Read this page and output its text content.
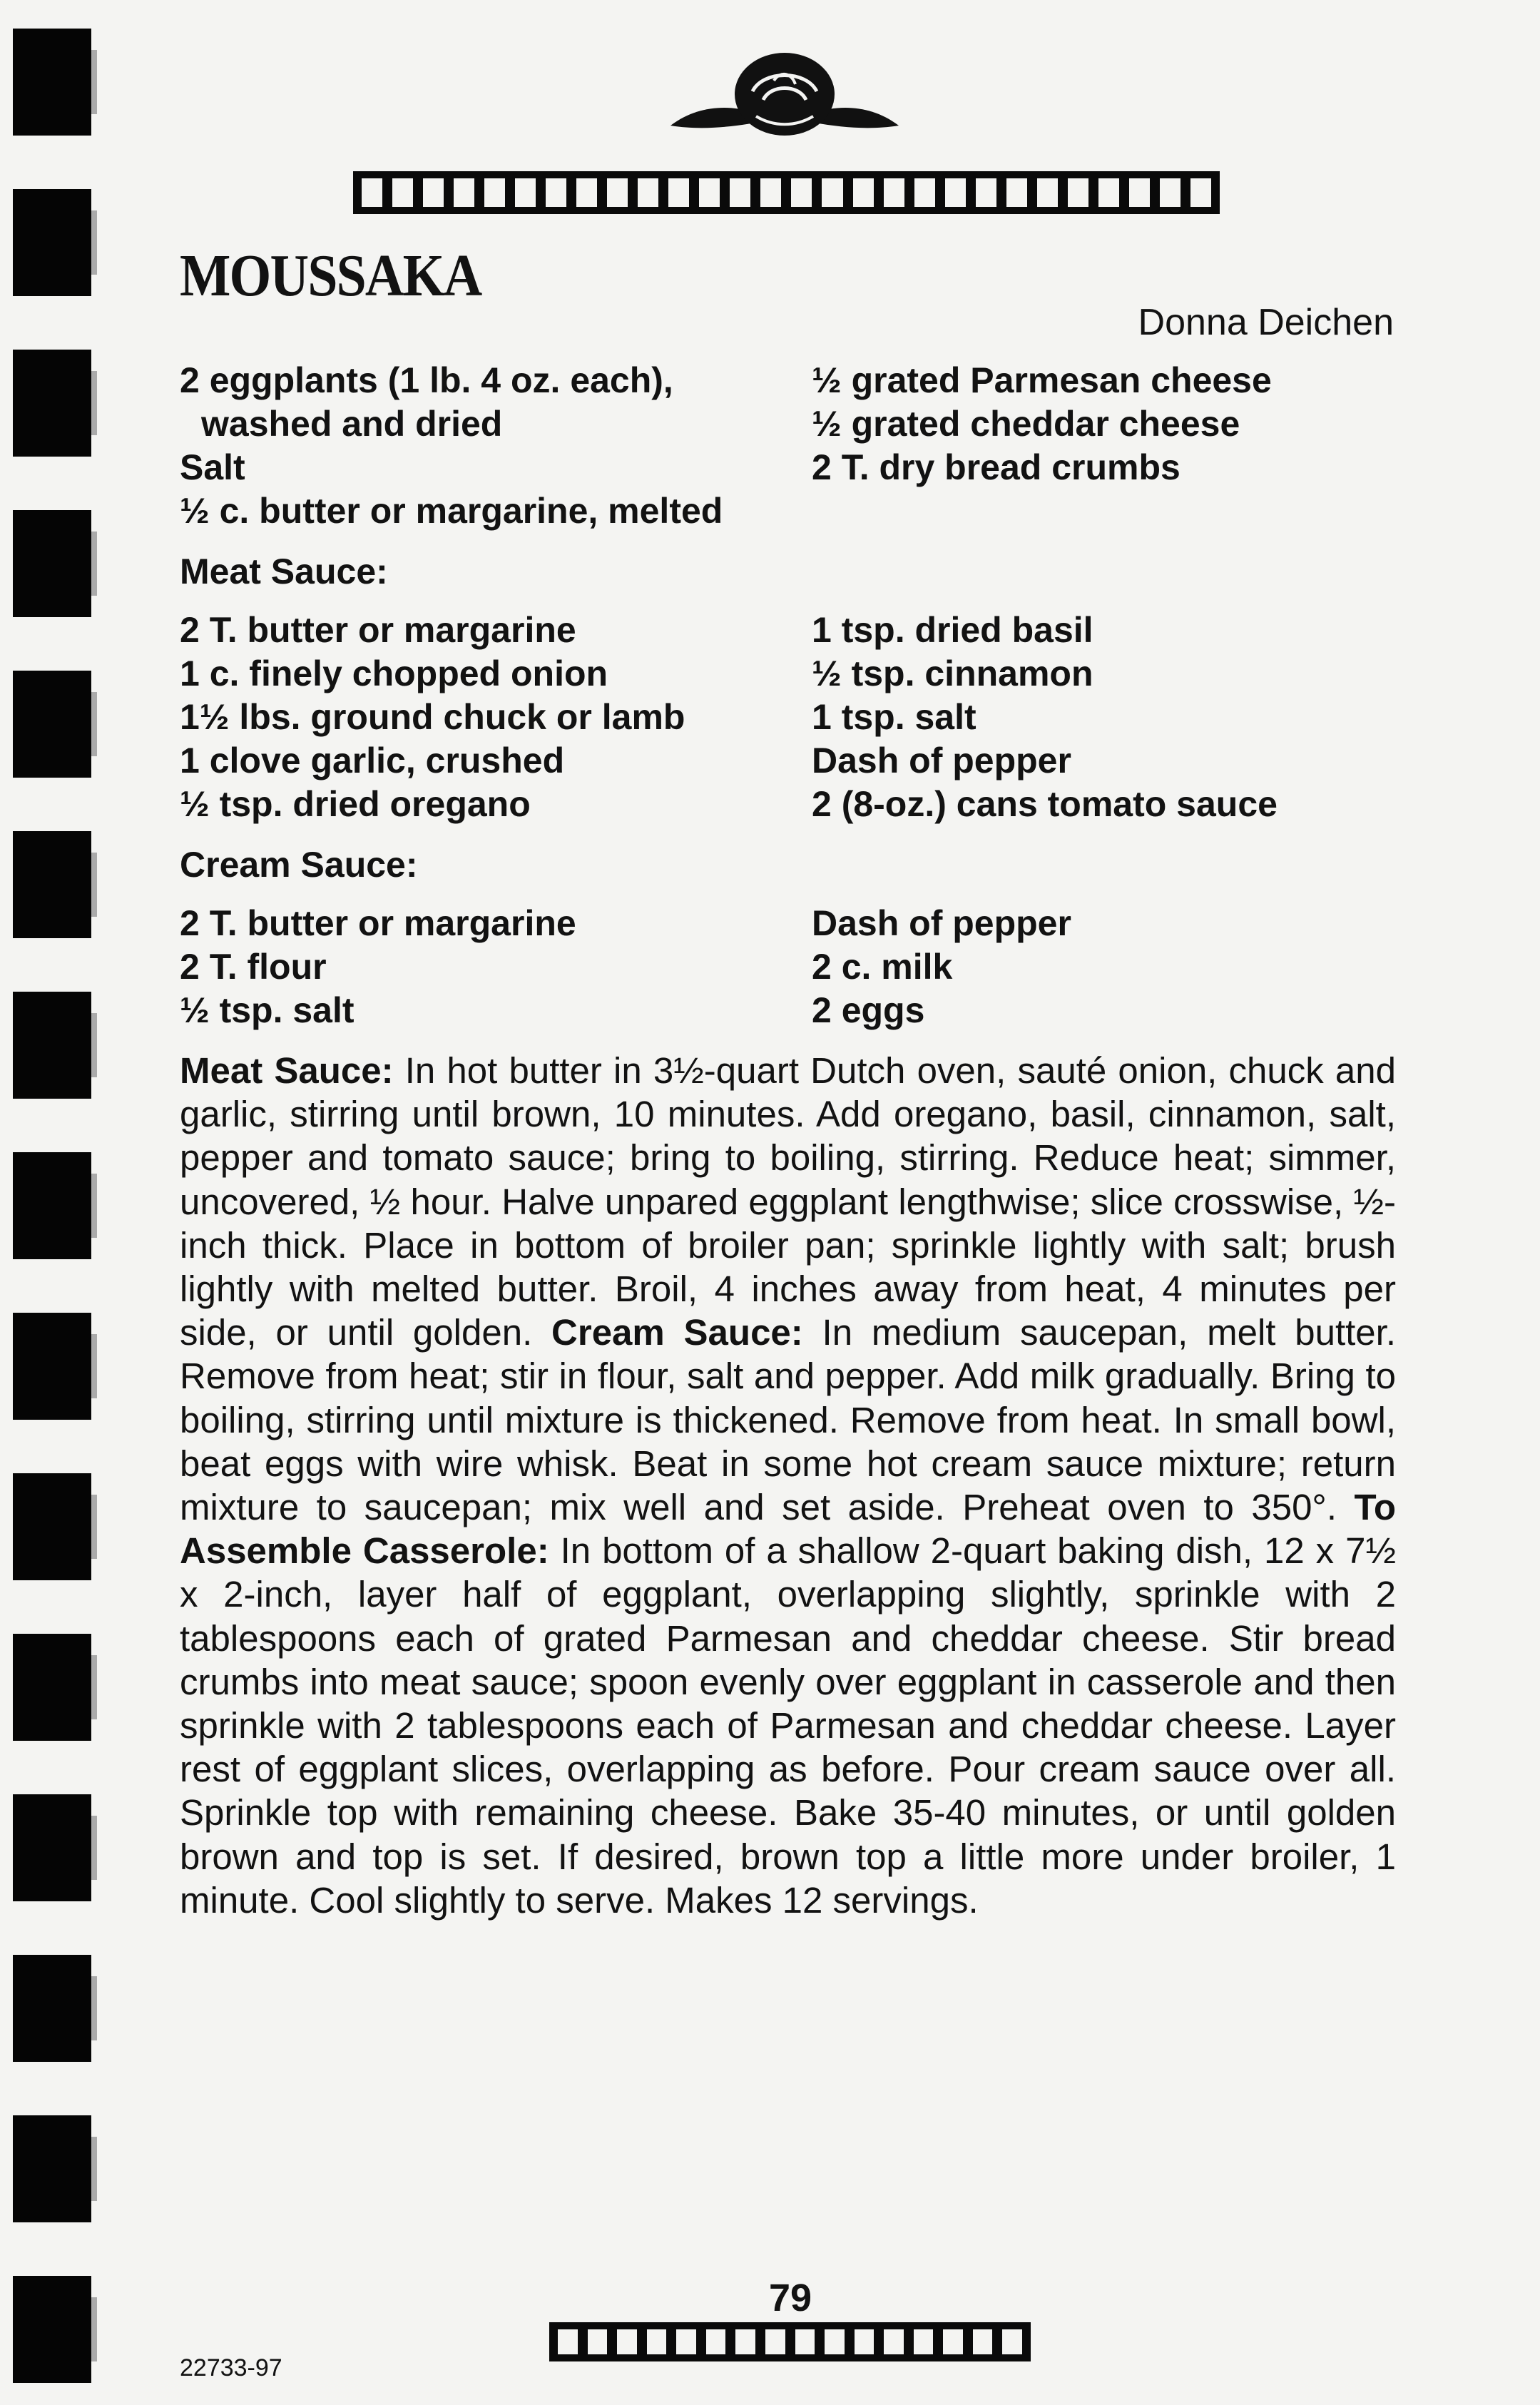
MOUSSAKA
Donna Deichen
2 eggplants (1 lb. 4 oz. each),
washed and dried
Salt
½ c. butter or margarine, melted
½ grated Parmesan cheese
½ grated cheddar cheese
2 T. dry bread crumbs
Meat Sauce:
2 T. butter or margarine
1 c. finely chopped onion
1½ lbs. ground chuck or lamb
1 clove garlic, crushed
½ tsp. dried oregano
1 tsp. dried basil
½ tsp. cinnamon
1 tsp. salt
Dash of pepper
2 (8-oz.) cans tomato sauce
Cream Sauce:
2 T. butter or margarine
2 T. flour
½ tsp. salt
Dash of pepper
2 c. milk
2 eggs

Meat Sauce: In hot butter in 3½-quart Dutch oven, sauté onion, chuck and garlic, stirring until brown, 10 minutes. Add oregano, basil, cinnamon, salt, pepper and tomato sauce; bring to boiling, stirring. Reduce heat; simmer, uncovered, ½ hour. Halve unpared eggplant lengthwise; slice crosswise, ½-inch thick. Place in bottom of broiler pan; sprinkle lightly with salt; brush lightly with melted butter. Broil, 4 inches away from heat, 4 minutes per side, or until golden. Cream Sauce: In medium saucepan, melt butter. Remove from heat; stir in flour, salt and pepper. Add milk gradually. Bring to boiling, stirring until mixture is thickened. Remove from heat. In small bowl, beat eggs with wire whisk. Beat in some hot cream sauce mixture; return mixture to saucepan; mix well and set aside. Preheat oven to 350°. To Assemble Casserole: In bottom of a shallow 2-quart baking dish, 12 x 7½ x 2-inch, layer half of eggplant, overlapping slightly, sprinkle with 2 tablespoons each of grated Parmesan and cheddar cheese. Stir bread crumbs into meat sauce; spoon evenly over eggplant in casserole and then sprinkle with 2 tablespoons each of Parmesan and cheddar cheese. Layer rest of eggplant slices, overlapping as before. Pour cream sauce over all. Sprinkle top with remaining cheese. Bake 35-40 minutes, or until golden brown and top is set. If desired, brown top a little more under broiler, 1 minute. Cool slightly to serve. Makes 12 servings.

79
22733-97
